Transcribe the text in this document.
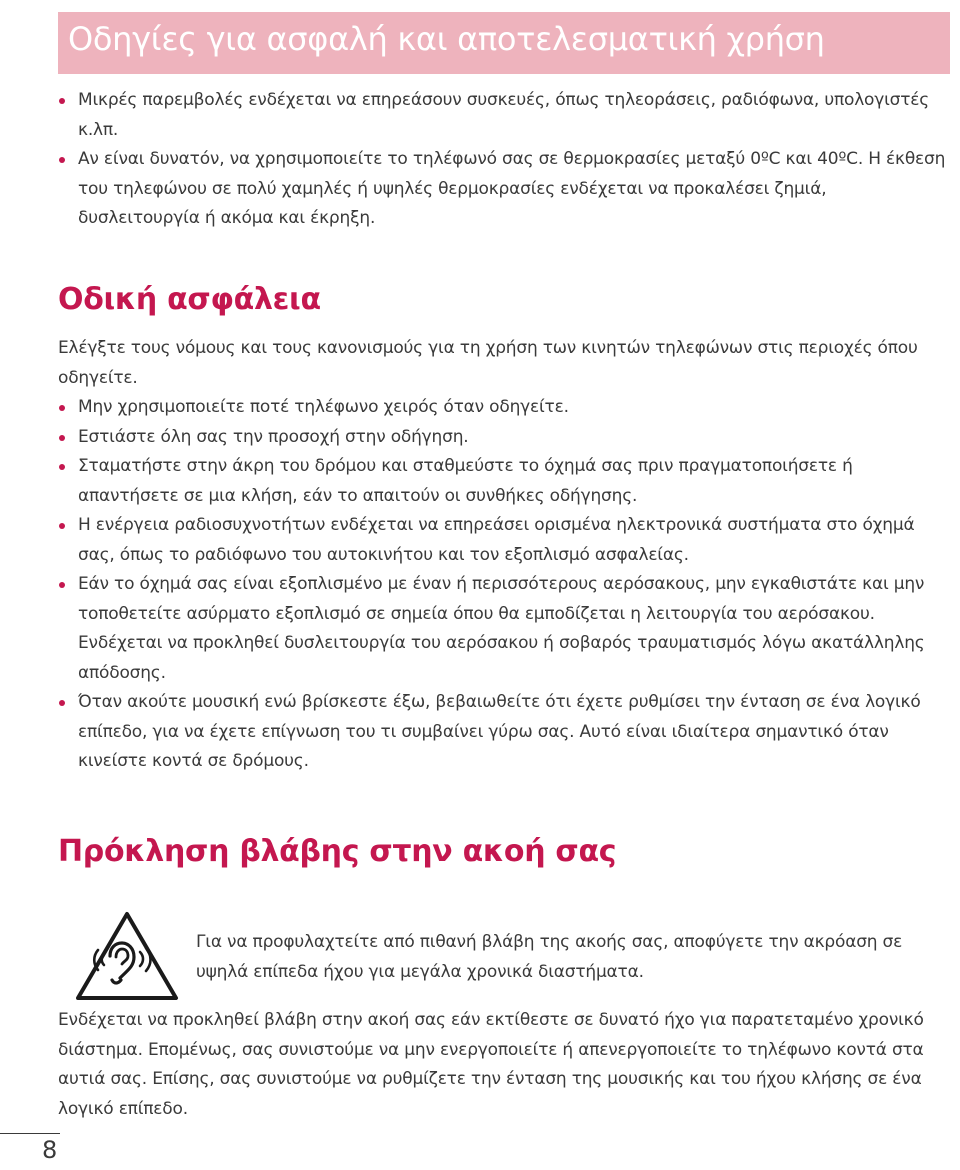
Οδηγίες για ασφαλή και αποτελεσματική χρήση
Μικρές παρεμβολές ενδέχεται να επηρεάσουν συσκευές, όπως τηλεοράσεις, ραδιόφωνα, υπολογιστές κ.λπ.
Αν είναι δυνατόν, να χρησιμοποιείτε το τηλέφωνό σας σε θερμοκρασίες μεταξύ 0ºC και 40ºC. Η έκθεση του τηλεφώνου σε πολύ χαμηλές ή υψηλές θερμοκρασίες ενδέχεται να προκαλέσει ζημιά, δυσλειτουργία ή ακόμα και έκρηξη.
Οδική ασφάλεια

Ελέγξτε τους νόμους και τους κανονισμούς για τη χρήση των κινητών τηλεφώνων στις περιοχές όπου οδηγείτε.

Μην χρησιμοποιείτε ποτέ τηλέφωνο χειρός όταν οδηγείτε.
Εστιάστε όλη σας την προσοχή στην οδήγηση.
Σταματήστε στην άκρη του δρόμου και σταθμεύστε το όχημά σας πριν πραγματοποιήσετε ή απαντήσετε σε μια κλήση, εάν το απαιτούν οι συνθήκες οδήγησης.
Η ενέργεια ραδιοσυχνοτήτων ενδέχεται να επηρεάσει ορισμένα ηλεκτρονικά συστήματα στο όχημά σας, όπως το ραδιόφωνο του αυτοκινήτου και τον εξοπλισμό ασφαλείας.
Εάν το όχημά σας είναι εξοπλισμένο με έναν ή περισσότερους αερόσακους, μην εγκαθιστάτε και μην τοποθετείτε ασύρματο εξοπλισμό σε σημεία όπου θα εμποδίζεται η λειτουργία του αερόσακου. Ενδέχεται να προκληθεί δυσλειτουργία του αερόσακου ή σοβαρός τραυματισμός λόγω ακατάλληλης απόδοσης.
Όταν ακούτε μουσική ενώ βρίσκεστε έξω, βεβαιωθείτε ότι έχετε ρυθμίσει την ένταση σε ένα λογικό επίπεδο, για να έχετε επίγνωση του τι συμβαίνει γύρω σας. Αυτό είναι ιδιαίτερα σημαντικό όταν κινείστε κοντά σε δρόμους.
Πρόκληση βλάβης στην ακοή σας

Για να προφυλαχτείτε από πιθανή βλάβη της ακοής σας, αποφύγετε την ακρόαση σε υψηλά επίπεδα ήχου για μεγάλα χρονικά διαστήματα.

Ενδέχεται να προκληθεί βλάβη στην ακοή σας εάν εκτίθεστε σε δυνατό ήχο για παρατεταμένο χρονικό διάστημα. Επομένως, σας συνιστούμε να μην ενεργοποιείτε ή απενεργοποιείτε το τηλέφωνο κοντά στα αυτιά σας. Επίσης, σας συνιστούμε να ρυθμίζετε την ένταση της μουσικής και του ήχου κλήσης σε ένα λογικό επίπεδο.

8
